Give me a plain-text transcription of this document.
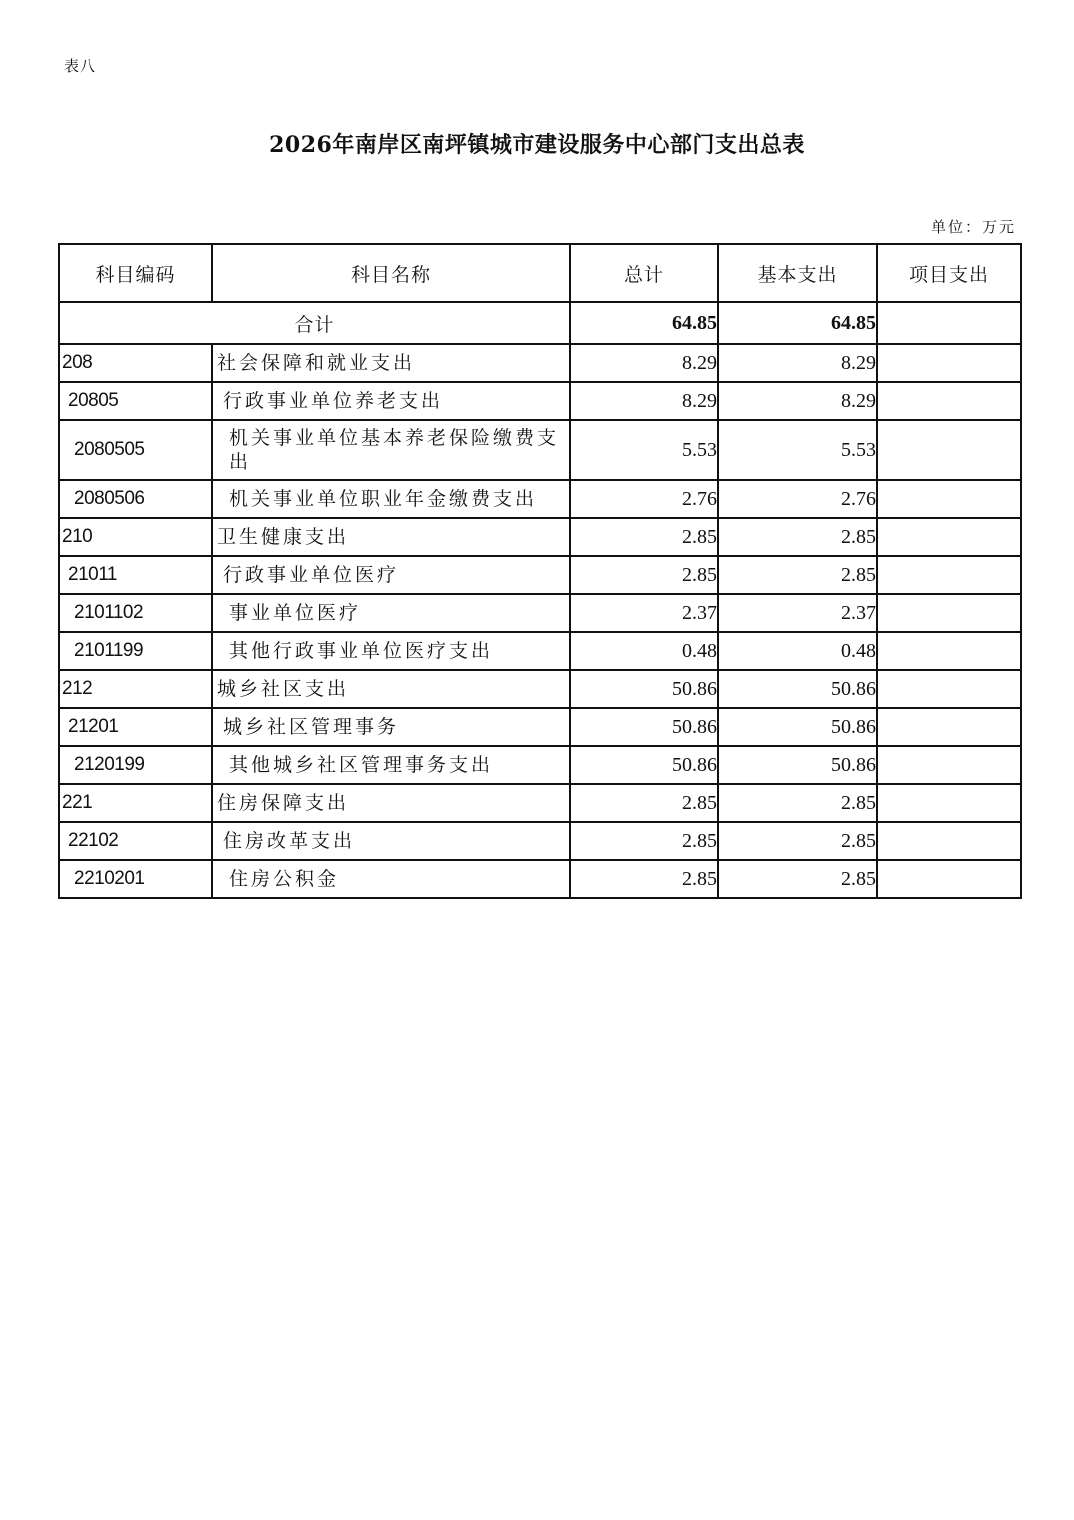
表八
2026年南岸区南坪镇城市建设服务中心部门支出总表
单位：万元
科目编码	科目名称	总计	基本支出	项目支出
合计		64.85	64.85	
208	社会保障和就业支出	8.29	8.29	
20805	行政事业单位养老支出	8.29	8.29	
2080505	机关事业单位基本养老保险缴费支出	5.53	5.53	
2080506	机关事业单位职业年金缴费支出	2.76	2.76	
210	卫生健康支出	2.85	2.85	
21011	行政事业单位医疗	2.85	2.85	
2101102	事业单位医疗	2.37	2.37	
2101199	其他行政事业单位医疗支出	0.48	0.48	
212	城乡社区支出	50.86	50.86	
21201	城乡社区管理事务	50.86	50.86	
2120199	其他城乡社区管理事务支出	50.86	50.86	
221	住房保障支出	2.85	2.85	
22102	住房改革支出	2.85	2.85	
2210201	住房公积金	2.85	2.85	
